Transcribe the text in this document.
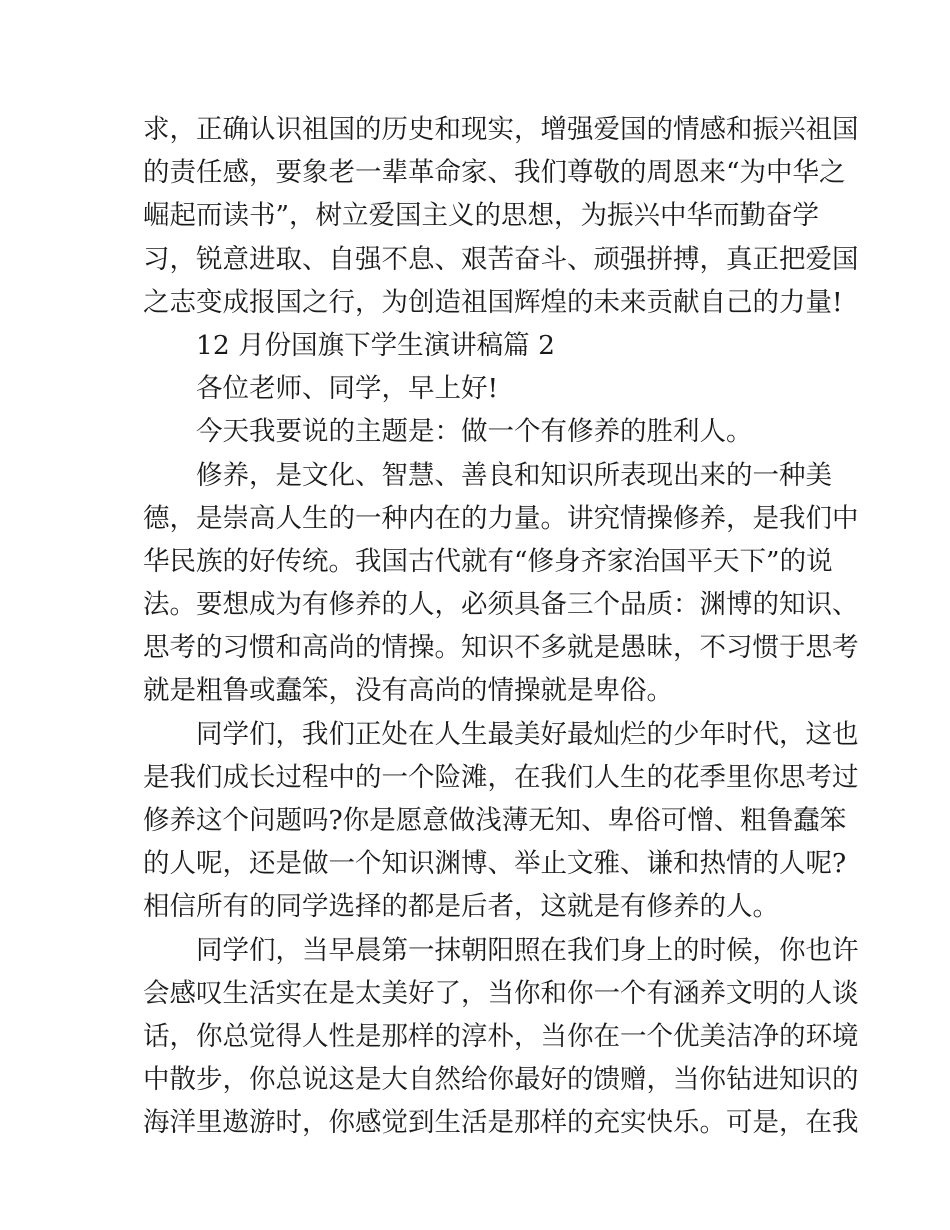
求，正确认识祖国的历史和现实，增强爱国的情感和振兴祖国
的责任感，要象老一辈革命家、我们尊敬的周恩来“为中华之
崛起而读书”，树立爱国主义的思想，为振兴中华而勤奋学
习，锐意进取、自强不息、艰苦奋斗、顽强拼搏，真正把爱国
之志变成报国之行，为创造祖国辉煌的未来贡献自己的力量!
12 月份国旗下学生演讲稿篇 2
各位老师、同学，早上好!
今天我要说的主题是：做一个有修养的胜利人。
修养，是文化、智慧、善良和知识所表现出来的一种美
德，是崇高人生的一种内在的力量。讲究情操修养，是我们中
华民族的好传统。我国古代就有“修身齐家治国平天下”的说
法。要想成为有修养的人，必须具备三个品质：渊博的知识、
思考的习惯和高尚的情操。知识不多就是愚昧，不习惯于思考
就是粗鲁或蠢笨，没有高尚的情操就是卑俗。
同学们，我们正处在人生最美好最灿烂的少年时代，这也
是我们成长过程中的一个险滩，在我们人生的花季里你思考过
修养这个问题吗?你是愿意做浅薄无知、卑俗可憎、粗鲁蠢笨
的人呢，还是做一个知识渊博、举止文雅、谦和热情的人呢?
相信所有的同学选择的都是后者，这就是有修养的人。
同学们，当早晨第一抹朝阳照在我们身上的时候，你也许
会感叹生活实在是太美好了，当你和你一个有涵养文明的人谈
话，你总觉得人性是那样的淳朴，当你在一个优美洁净的环境
中散步，你总说这是大自然给你最好的馈赠，当你钻进知识的
海洋里遨游时，你感觉到生活是那样的充实快乐。可是，在我
